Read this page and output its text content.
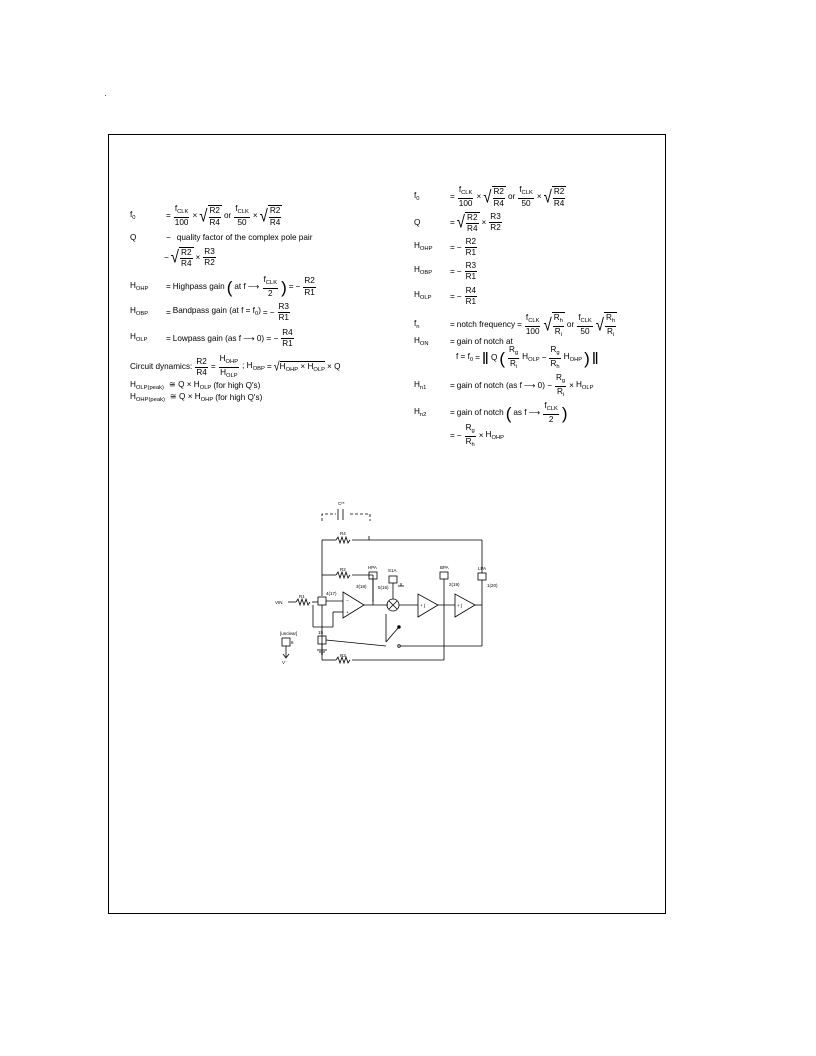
$f_0$	= $\frac{f_{CLK}}{100}$ × √ $\frac{R2}{R4}$ or $\frac{f_{CLK}}{50}$ × √ $\frac{R2}{R4}$
Q	− quality factor of the complex pole pair
− √ $\frac{R2}{R4} \times \frac{R3}{R2}$
$H_{OHP}$	= Highpass gain ( at f ⟶ $\frac{f_{CLK}}{2}$ ) = − $\frac{R2}{R1}$
$H_{OBP}$	= Bandpass gain (at $f = f_0$) = − $\frac{R3}{R1}$
$H_{OLP}$	= Lowpass gain (as f ⟶ 0) = − $\frac{R4}{R1}$
Circuit dynamics: $\frac{R2}{R4} = \frac{H_{OHP}}{H_{OLP}}$ ; $H_{OBP}$ = √ $H_{OHP} \times H_{OLP} \times Q$
$H_{OLP(peak)}$ ≅ $Q \times H_{OLP}$ (for high Q's)
$H_{OHP(peak)}$ ≅ $Q \times H_{OHP}$ (for high Q's)
$f_0$	= $\frac{f_{CLK}}{100}$ × √ $\frac{R2}{R4}$ or $\frac{f_{CLK}}{50}$ × √ $\frac{R2}{R4}$
Q	= √ $\frac{R2}{R4} \times \frac{R3}{R2}$
$H_{OHP}$	= − $\frac{R2}{R1}$
$H_{OBP}$	= − $\frac{R3}{R1}$
$H_{OLP}$	= − $\frac{R4}{R1}$
$f_n$	= notch frequency = $\frac{f_{CLK}}{100}$ √ $\frac{R_h}{R_i}$ or $\frac{f_{CLK}}{50}$ √ $\frac{R_h}{R_i}$
$H_{ON}$	= gain of notch at
$f = f_0$ = ‖ Q ( $\frac{R_g}{R_i} H_{OLP} - \frac{R_g}{R_h} H_{OHP}$ ) ‖
$H_{n1}$	= gain of notch (as f ⟶ $0) - \frac{R_g}{R_i} \times H_{OLP}$
$H_{n2}$	= gain of notch ( as f ⟶ $\frac{f_{CLK}}{2}$ )
= − $\frac{R_g}{R_h} \times H_{OHP}$
Cᶜ*
R4
R2	HPA
S1A
BPA	LPA
3(18)	5(16)
2(19)	1(20)
4(17)
VIN
R1
[unclear]
6
V⁻
15
R3
−
+
+ ∫	+ ∫
